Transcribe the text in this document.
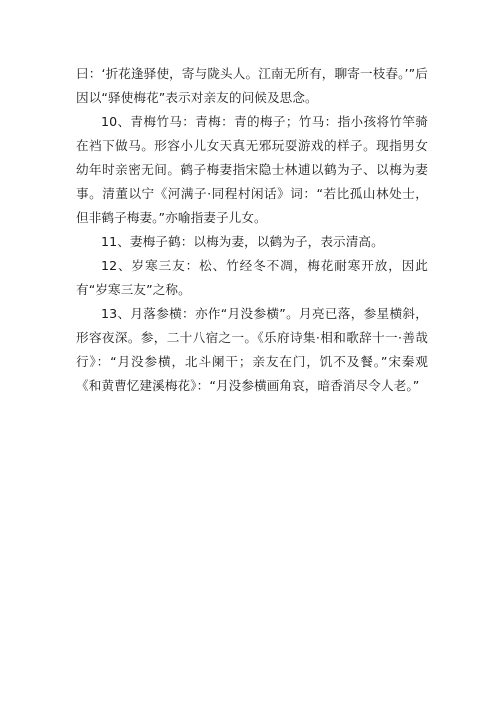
曰：‘折花逢驿使，寄与陇头人。江南无所有，聊寄一枝春。’”后因以“驿使梅花”表示对亲友的问候及思念。

10、青梅竹马：青梅：青的梅子；竹马：指小孩将竹竿骑在裆下做马。形容小儿女天真无邪玩耍游戏的样子。现指男女幼年时亲密无间。鹤子梅妻指宋隐士林逋以鹤为子、以梅为妻事。清董以宁《河满子·同程村闲话》词：“若比孤山林处士，但非鹤子梅妻。”亦喻指妻子儿女。

11、妻梅子鹤：以梅为妻，以鹤为子，表示清高。

12、岁寒三友：松、竹经冬不凋，梅花耐寒开放，因此有“岁寒三友”之称。

13、月落参横：亦作“月没参横”。月亮已落，参星横斜，形容夜深。参，二十八宿之一。《乐府诗集·相和歌辞十一·善哉行》：“月没参横，北斗阑干；亲友在门，饥不及餐。”宋秦观《和黄曹忆建溪梅花》：“月没参横画角哀，暗香消尽令人老。”
